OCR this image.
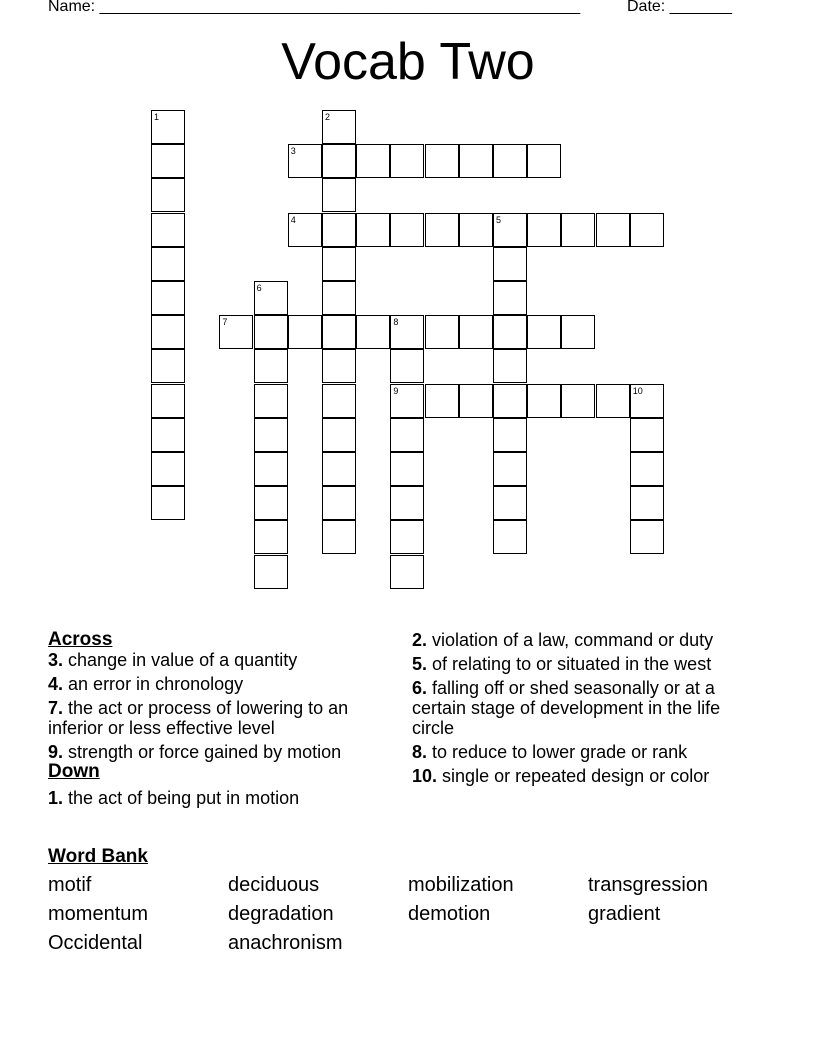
Name: ______________________________________________________	Date: _______
Vocab Two
1	2
3
4	5
6
7	8
9	10
Across
3. change in value of a quantity
4. an error in chronology
7. the act or process of lowering to an inferior or less effective level
9. strength or force gained by motion
Down
1. the act of being put in motion
2. violation of a law, command or duty
5. of relating to or situated in the west
6. falling off or shed seasonally or at a certain stage of development in the life circle
8. to reduce to lower grade or rank
10. single or repeated design or color
Word Bank
motif	deciduous	mobilization	transgression
momentum	degradation	demotion	gradient
Occidental	anachronism
